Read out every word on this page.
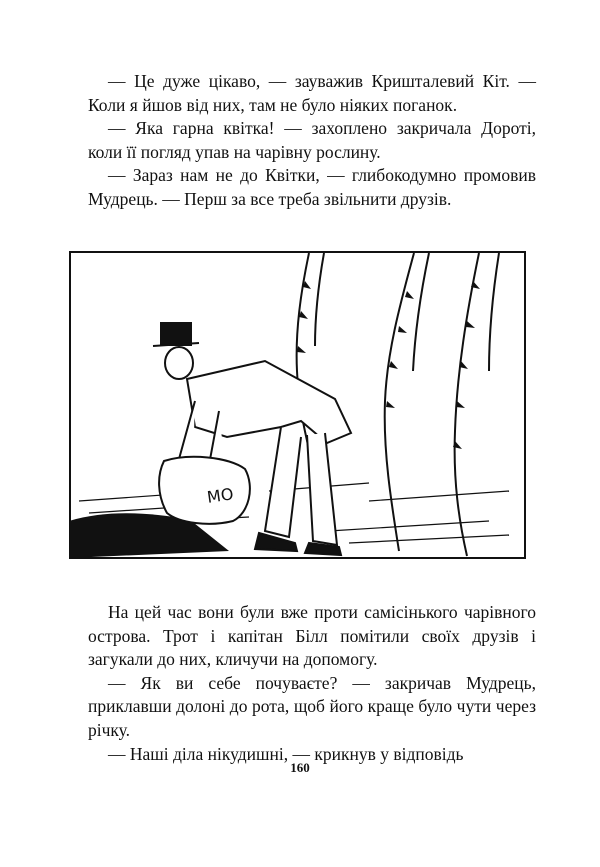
— Це дуже цікаво, — зауважив Кришталевий Кіт. — Коли я йшов від них, там не було ніяких поганок.

— Яка гарна квітка! — захоплено закричала Дороті, коли її погляд упав на чарівну рослину.

— Зараз нам не до Квітки, — глибокодумно промовив Мудрець. — Перш за все треба звільнити друзів.

MO

На цей час вони були вже проти самісінького чарівного острова. Трот і капітан Білл помітили своїх друзів і загукали до них, кличучи на допомогу.

— Як ви себе почуваєте? — закричав Мудрець, приклавши долоні до рота, щоб його краще було чути через річку.

— Наші діла нікудишні, — крикнув у відповідь

160
